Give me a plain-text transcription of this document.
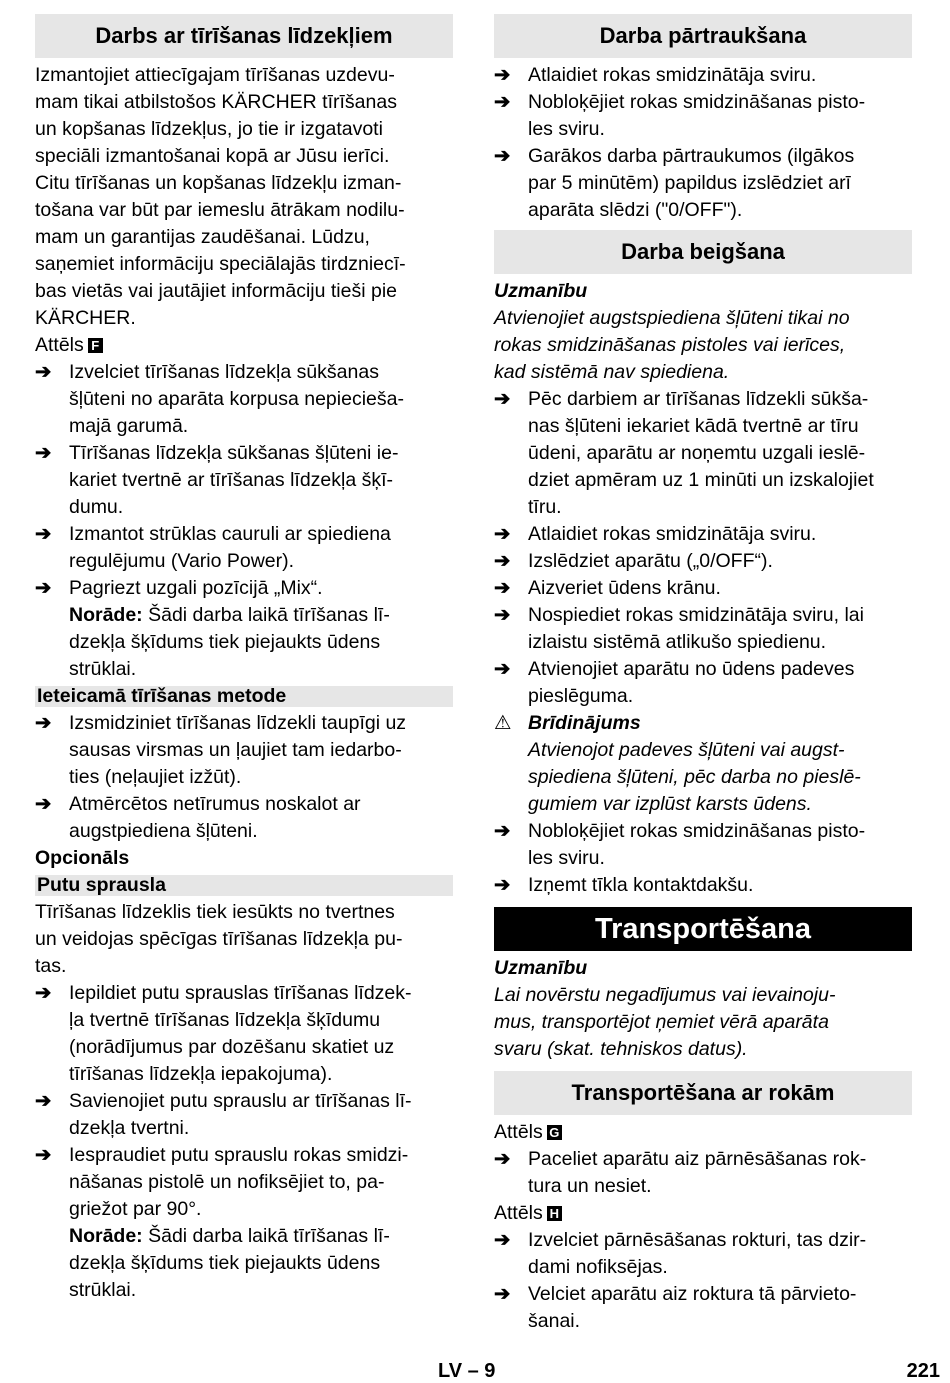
Darbs ar tīrīšanas līdzekļiem
Izmantojiet attiecīgajam tīrīšanas uzdevu-
mam tikai atbilstošos KÄRCHER tīrīšanas
un kopšanas līdzekļus, jo tie ir izgatavoti
speciāli izmantošanai kopā ar Jūsu ierīci.
Citu tīrīšanas un kopšanas līdzekļu izman-
tošana var būt par iemeslu ātrākam nodilu-
mam un garantijas zaudēšanai. Lūdzu,
saņemiet informāciju speciālajās tirdzniecī-
bas vietās vai jautājiet informāciju tieši pie
KÄRCHER.
Attēls F
➔ Izvelciet tīrīšanas līdzekļa sūkšanas
šļūteni no aparāta korpusa nepiecieša-
majā garumā.
➔ Tīrīšanas līdzekļa sūkšanas šļūteni ie-
kariet tvertnē ar tīrīšanas līdzekļa šķī-
dumu.
➔ Izmantot strūklas cauruli ar spiediena
regulējumu (Vario Power).
➔ Pagriezt uzgali pozīcijā „Mix“.
Norāde: Šādi darba laikā tīrīšanas lī-
dzekļa šķīdums tiek piejaukts ūdens
strūklai.
Ieteicamā tīrīšanas metode
➔ Izsmidziniet tīrīšanas līdzekli taupīgi uz
sausas virsmas un ļaujiet tam iedarbo-
ties (neļaujiet izžūt).
➔ Atmērcētos netīrumus noskalot ar
augstpiediena šļūteni.
Opcionāls
Putu sprausla
Tīrīšanas līdzeklis tiek iesūkts no tvertnes
un veidojas spēcīgas tīrīšanas līdzekļa pu-
tas.
➔ Iepildiet putu sprauslas tīrīšanas līdzek-
ļa tvertnē tīrīšanas līdzekļa šķīdumu
(norādījumus par dozēšanu skatiet uz
tīrīšanas līdzekļa iepakojuma).
➔ Savienojiet putu sprauslu ar tīrīšanas lī-
dzekļa tvertni.
➔ Iespraudiet putu sprauslu rokas smidzi-
nāšanas pistolē un nofiksējiet to, pa-
griežot par 90°.
Norāde: Šādi darba laikā tīrīšanas lī-
dzekļa šķīdums tiek piejaukts ūdens
strūklai.
Darba pārtraukšana
➔ Atlaidiet rokas smidzinātāja sviru.
➔ Nobloķējiet rokas smidzināšanas pisto-
les sviru.
➔ Garākos darba pārtraukumos (ilgākos
par 5 minūtēm) papildus izslēdziet arī
aparāta slēdzi ("0/OFF").
Darba beigšana
Uzmanību
Atvienojiet augstspiediena šļūteni tikai no
rokas smidzināšanas pistoles vai ierīces,
kad sistēmā nav spiediena.
➔ Pēc darbiem ar tīrīšanas līdzekli sūkša-
nas šļūteni iekariet kādā tvertnē ar tīru
ūdeni, aparātu ar noņemtu uzgali ieslē-
dziet apmēram uz 1 minūti un izskalojiet
tīru.
➔ Atlaidiet rokas smidzinātāja sviru.
➔ Izslēdziet aparātu („0/OFF“).
➔ Aizveriet ūdens krānu.
➔ Nospiediet rokas smidzinātāja sviru, lai
izlaistu sistēmā atlikušo spiedienu.
➔ Atvienojiet aparātu no ūdens padeves
pieslēguma.
⚠ Brīdinājums
Atvienojot padeves šļūteni vai augst-
spiediena šļūteni, pēc darba no pieslē-
gumiem var izplūst karsts ūdens.
➔ Nobloķējiet rokas smidzināšanas pisto-
les sviru.
➔ Izņemt tīkla kontaktdakšu.
Transportēšana
Uzmanību
Lai novērstu negadījumus vai ievainoju-
mus, transportējot ņemiet vērā aparāta
svaru (skat. tehniskos datus).
Transportēšana ar rokām
Attēls G
➔ Paceliet aparātu aiz pārnēsāšanas rok-
tura un nesiet.
Attēls H
➔ Izvelciet pārnēsāšanas rokturi, tas dzir-
dami nofiksējas.
➔ Velciet aparātu aiz roktura tā pārvieto-
šanai.
LV – 9	221
